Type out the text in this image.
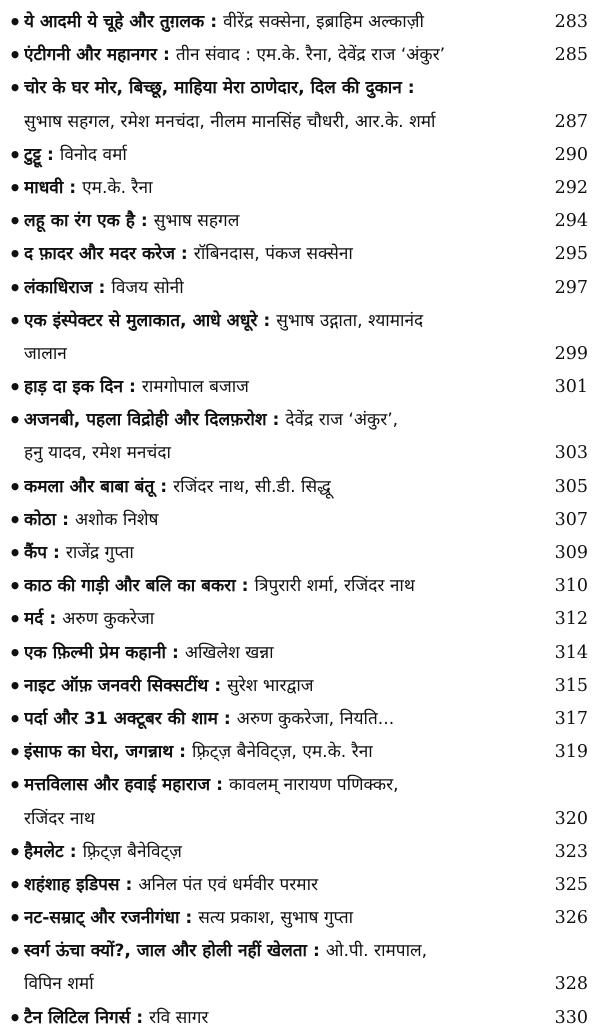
• ये आदमी ये चूहे और तुग़लक : वीरेंद्र सक्सेना, इब्राहिम अल्काज़ी	283
• एंटीगनी और महानगर : तीन संवाद : एम.के. रैना, देवेंद्र राज ‘अंकुर’	285
• चोर के घर मोर, बिच्छू, माहिया मेरा ठाणेदार, दिल की दुकान :
सुभाष सहगल, रमेश मनचंदा, नीलम मानसिंह चौधरी, आर.के. शर्मा	287
• टुट्टू : विनोद वर्मा	290
• माधवी : एम.के. रैना	292
• लहू का रंग एक है : सुभाष सहगल	294
• द फ़ादर और मदर करेज : रॉबिनदास, पंकज सक्सेना	295
• लंकाधिराज : विजय सोनी	297
• एक इंस्पेक्टर से मुलाकात, आधे अधूरे : सुभाष उद्गाता, श्यामानंद
जालान	299
• हाड़ दा इक दिन : रामगोपाल बजाज	301
• अजनबी, पहला विद्रोही और दिलफ़रोश : देवेंद्र राज ‘अंकुर’,
हनु यादव, रमेश मनचंदा	303
• कमला और बाबा बंतू : रजिंदर नाथ, सी.डी. सिद्धू	305
• कोठा : अशोक निशेष	307
• कैंप : राजेंद्र गुप्ता	309
• काठ की गाड़ी और बलि का बकरा : त्रिपुरारी शर्मा, रजिंदर नाथ	310
• मर्द : अरुण कुकरेजा	312
• एक फ़िल्मी प्रेम कहानी : अखिलेश खन्ना	314
• नाइट ऑफ़ जनवरी सिक्सटींथ : सुरेश भारद्वाज	315
• पर्दा और 31 अक्टूबर की शाम : अरुण कुकरेजा, नियति...	317
• इंसाफ का घेरा, जगन्नाथ : फ़्रिट्ज़ बैनेविट्ज़, एम.के. रैना	319
• मत्तविलास और हवाई महाराज : कावलम् नारायण पणिक्कर,
रजिंदर नाथ	320
• हैमलेट : फ़्रिट्ज़ बैनेविट्ज़	323
• शहंशाह इडिपस : अनिल पंत एवं धर्मवीर परमार	325
• नट-सम्राट् और रजनीगंधा : सत्य प्रकाश, सुभाष गुप्ता	326
• स्वर्ग ऊंचा क्यों?, जाल और होली नहीं खेलता : ओ.पी. रामपाल,
विपिन शर्मा	328
• टैन लिटिल निगर्स : रवि सागर	330
